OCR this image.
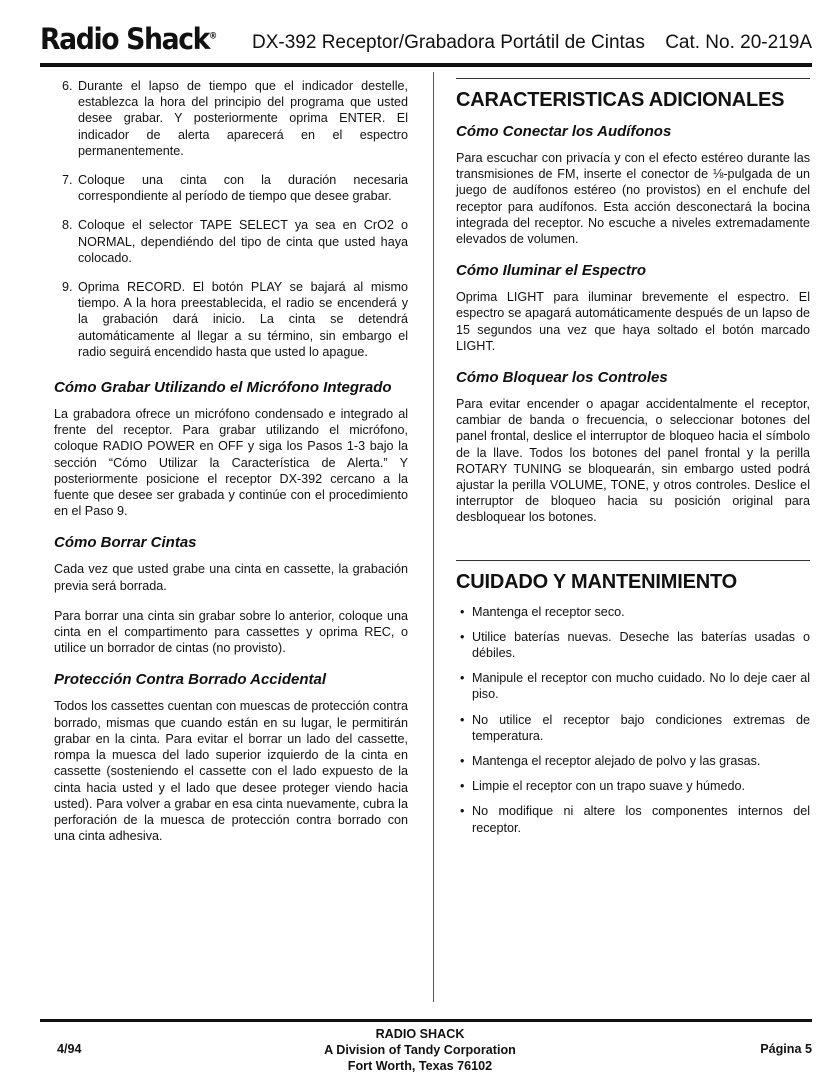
Radio Shack® DX-392 Receptor/Grabadora Portátil de Cintas Cat. No. 20-219A
6. Durante el lapso de tiempo que el indicador destelle, establezca la hora del principio del programa que usted desee grabar. Y posteriormente oprima ENTER. El indicador de alerta aparecerá en el espectro permanentemente.
7. Coloque una cinta con la duración necesaria correspondiente al período de tiempo que desee grabar.
8. Coloque el selector TAPE SELECT ya sea en CrO2 o NORMAL, dependiéndo del tipo de cinta que usted haya colocado.
9. Oprima RECORD. El botón PLAY se bajará al mismo tiempo. A la hora preestablecida, el radio se encenderá y la grabación dará inicio. La cinta se detendrá automáticamente al llegar a su término, sin embargo el radio seguirá encendido hasta que usted lo apague.
Cómo Grabar Utilizando el Micrófono Integrado

La grabadora ofrece un micrófono condensado e integrado al frente del receptor. Para grabar utilizando el micrófono, coloque RADIO POWER en OFF y siga los Pasos 1-3 bajo la sección “Cómo Utilizar la Característica de Alerta.” Y posteriormente posicione el receptor DX-392 cercano a la fuente que desee ser grabada y continúe con el procedimiento en el Paso 9.

Cómo Borrar Cintas

Cada vez que usted grabe una cinta en cassette, la grabación previa será borrada.

Para borrar una cinta sin grabar sobre lo anterior, coloque una cinta en el compartimento para cassettes y oprima REC, o utilice un borrador de cintas (no provisto).

Protección Contra Borrado Accidental

Todos los cassettes cuentan con muescas de protección contra borrado, mismas que cuando están en su lugar, le permitirán grabar en la cinta. Para evitar el borrar un lado del cassette, rompa la muesca del lado superior izquierdo de la cinta en cassette (sosteniendo el cassette con el lado expuesto de la cinta hacia usted y el lado que desee proteger viendo hacia usted). Para volver a grabar en esa cinta nuevamente, cubra la perforación de la muesca de protección contra borrado con una cinta adhesiva.

CARACTERISTICAS ADICIONALES
Cómo Conectar los Audífonos

Para escuchar con privacía y con el efecto estéreo durante las transmisiones de FM, inserte el conector de ⅛-pulgada de un juego de audífonos estéreo (no provistos) en el enchufe del receptor para audífonos. Esta acción desconectará la bocina integrada del receptor. No escuche a niveles extremadamente elevados de volumen.

Cómo Iluminar el Espectro

Oprima LIGHT para iluminar brevemente el espectro. El espectro se apagará automáticamente después de un lapso de 15 segundos una vez que haya soltado el botón marcado LIGHT.

Cómo Bloquear los Controles

Para evitar encender o apagar accidentalmente el receptor, cambiar de banda o frecuencia, o seleccionar botones del panel frontal, deslice el interruptor de bloqueo hacia el símbolo de la llave. Todos los botones del panel frontal y la perilla ROTARY TUNING se bloquearán, sin embargo usted podrá ajustar la perilla VOLUME, TONE, y otros controles. Deslice el interruptor de bloqueo hacia su posición original para desbloquear los botones.

CUIDADO Y MANTENIMIENTO
• Mantenga el receptor seco.
• Utilice baterías nuevas. Deseche las baterías usadas o débiles.
• Manipule el receptor con mucho cuidado. No lo deje caer al piso.
• No utilice el receptor bajo condiciones extremas de temperatura.
• Mantenga el receptor alejado de polvo y las grasas.
• Limpie el receptor con un trapo suave y húmedo.
• No modifique ni altere los componentes internos del receptor.
4/94
RADIO SHACK
A Division of Tandy Corporation
Fort Worth, Texas 76102
Página 5
